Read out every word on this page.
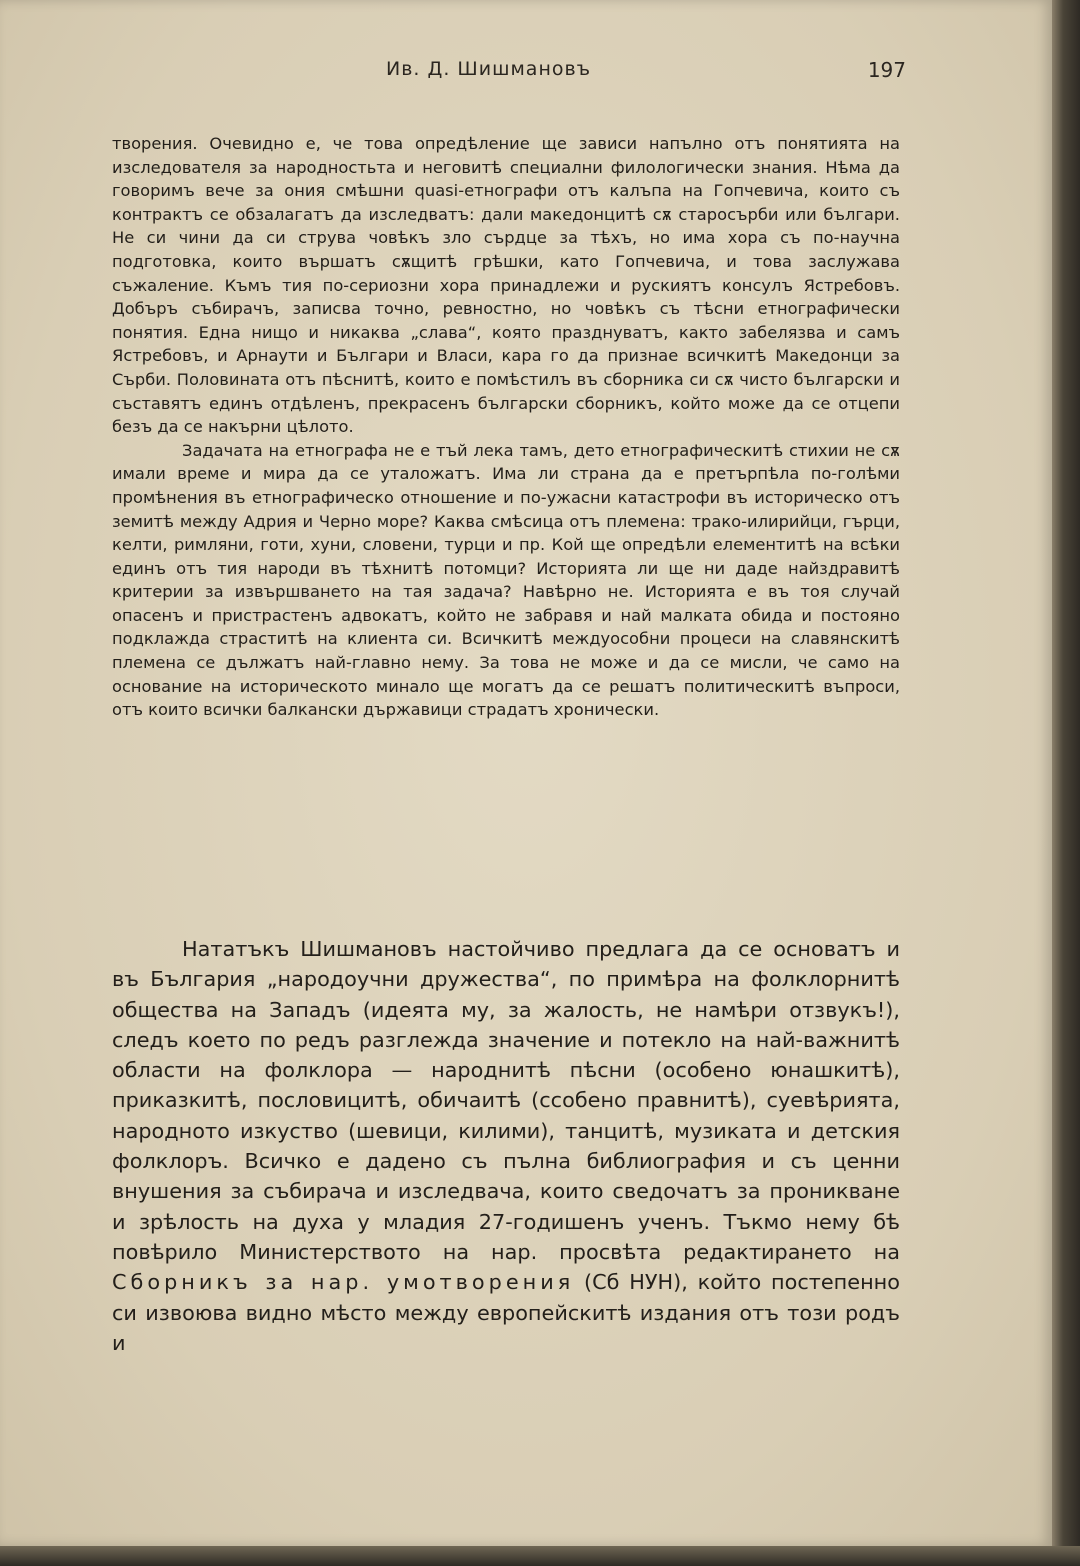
Ив. Д. Шишмановъ	197

творения. Очевидно е, че това опредѣление ще зависи напълно отъ понятията на изследователя за народностьта и неговитѣ специални филологически знания. Нѣма да говоримъ вече за ония смѣшни quasi-етнографи отъ калъпа на Гопчевича, които съ контрактъ се обзалагатъ да изследватъ: дали македонцитѣ сѫ старосърби или българи. Не си чини да си струва човѣкъ зло сърдце за тѣхъ, но има хора съ по-научна подготовка, които вършатъ сѫщитѣ грѣшки, като Гопчевича, и това заслужава съжаление. Къмъ тия по-сериозни хора принадлежи и рускиятъ консулъ Ястребовъ. Добъръ събирачъ, записва точно, ревностно, но човѣкъ съ тѣсни етнографически понятия. Една нищо и никаква „слава“, която празднуватъ, както забелязва и самъ Ястребовъ, и Арнаути и Българи и Власи, кара го да признае всичкитѣ Македонци за Сърби. Половината отъ пѣснитѣ, които е помѣстилъ въ сборника си сѫ чисто български и съставятъ единъ отдѣленъ, прекрасенъ български сборникъ, който може да се отцепи безъ да се накърни цѣлото.

Задачата на етнографа не е тъй лека тамъ, дето етнографическитѣ стихии не сѫ имали време и мира да се уталожатъ. Има ли страна да е претърпѣла по-голѣми промѣнения въ етнографическо отношение и по-ужасни катастрофи въ историческо отъ земитѣ между Адрия и Черно море? Каква смѣсица отъ племена: трако-илирийци, гърци, келти, римляни, готи, хуни, словени, турци и пр. Кой ще опредѣли елементитѣ на всѣки единъ отъ тия народи въ тѣхнитѣ потомци? Историята ли ще ни даде найздравитѣ критерии за извършването на тая задача? Навѣрно не. Историята е въ тоя случай опасенъ и пристрастенъ адвокатъ, който не забравя и най малката обида и постояно подклажда страститѣ на клиента си. Всичкитѣ междуособни процеси на славянскитѣ племена се дължатъ най-главно нему. За това не може и да се мисли, че само на основание на историческото минало ще могатъ да се решатъ политическитѣ въпроси, отъ които всички балкански държавици страдатъ хронически.

Нататъкъ Шишмановъ настойчиво предлага да се основатъ и въ България „народоучни дружества“, по примѣра на фолклорнитѣ общества на Западъ (идеята му, за жалость, не намѣри отзвукъ!), следъ което по редъ разглежда значение и потекло на най-важнитѣ области на фолклора — народнитѣ пѣсни (особено юнашкитѣ), приказкитѣ, пословицитѣ, обичаитѣ (ссобено правнитѣ), суевѣрията, народното изкуство (шевици, килими), танцитѣ, музиката и детския фолклоръ. Всичко е дадено съ пълна библиография и съ ценни внушения за събирача и изследвача, които сведочатъ за проникване и зрѣлость на духа у младия 27-годишенъ ученъ. Тъкмо нему бѣ повѣрило Министерството на нар. просвѣта редактирането на Сборникъ за нар. умотворения (Сб НУН), който постепенно си извоюва видно мѣсто между европейскитѣ издания отъ този родъ и
